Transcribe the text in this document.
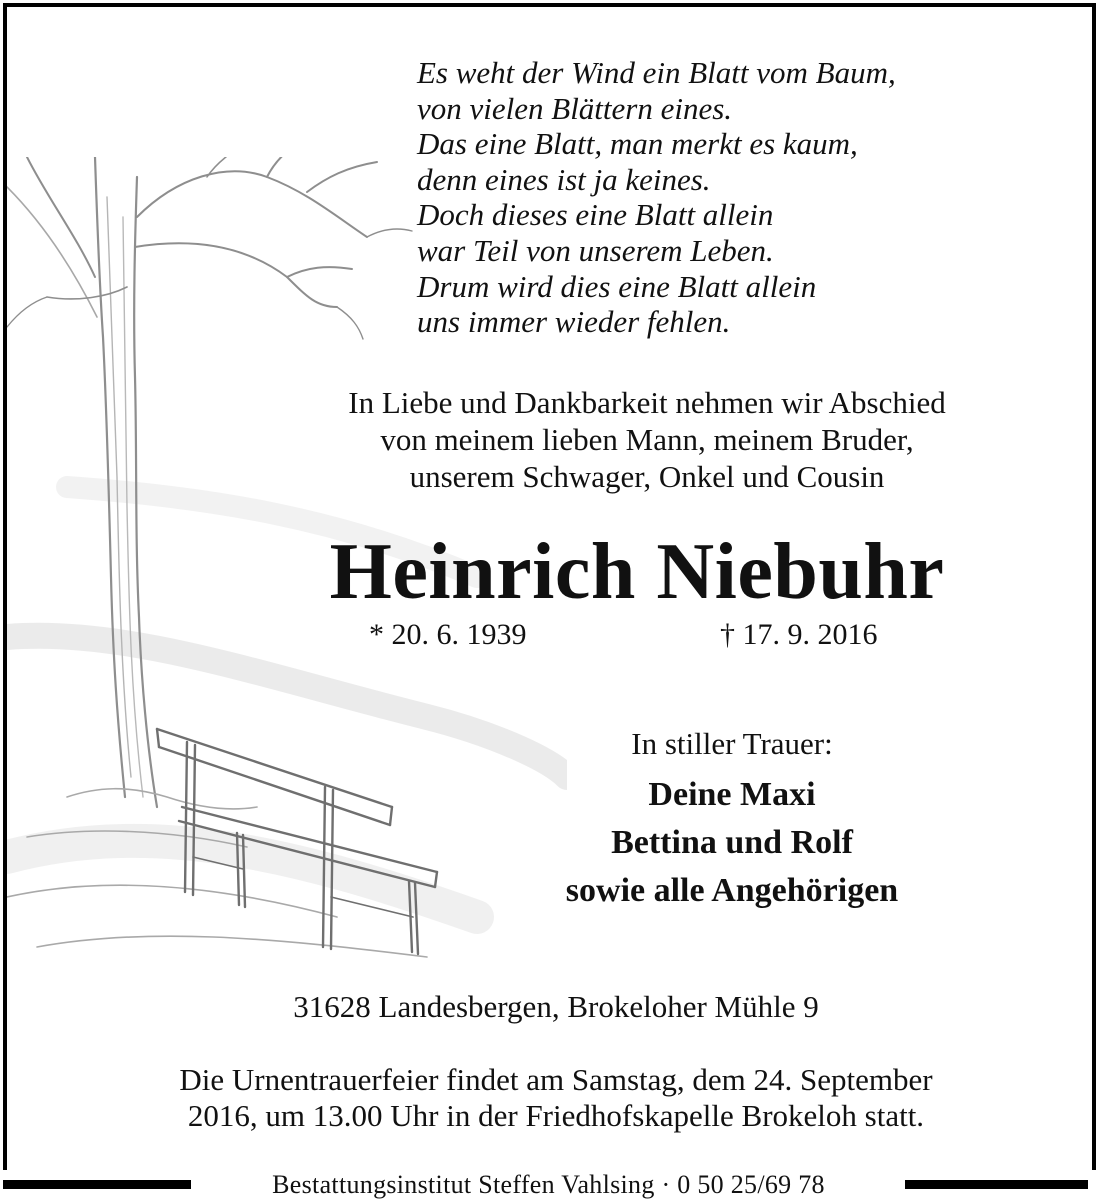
Es weht der Wind ein Blatt vom Baum,
von vielen Blättern eines.
Das eine Blatt, man merkt es kaum,
denn eines ist ja keines.
Doch dieses eine Blatt allein
war Teil von unserem Leben.
Drum wird dies eine Blatt allein
uns immer wieder fehlen.
In Liebe und Dankbarkeit nehmen wir Abschied
von meinem lieben Mann, meinem Bruder,
unserem Schwager, Onkel und Cousin
Heinrich Niebuhr
* 20. 6. 1939	† 17. 9. 2016
In stiller Trauer:
Deine Maxi
Bettina und Rolf
sowie alle Angehörigen
31628 Landesbergen, Brokeloher Mühle 9
Die Urnentrauerfeier findet am Samstag, dem 24. September
2016, um 13.00 Uhr in der Friedhofskapelle Brokeloh statt.
Bestattungsinstitut Steffen Vahlsing · 0 50 25/69 78
